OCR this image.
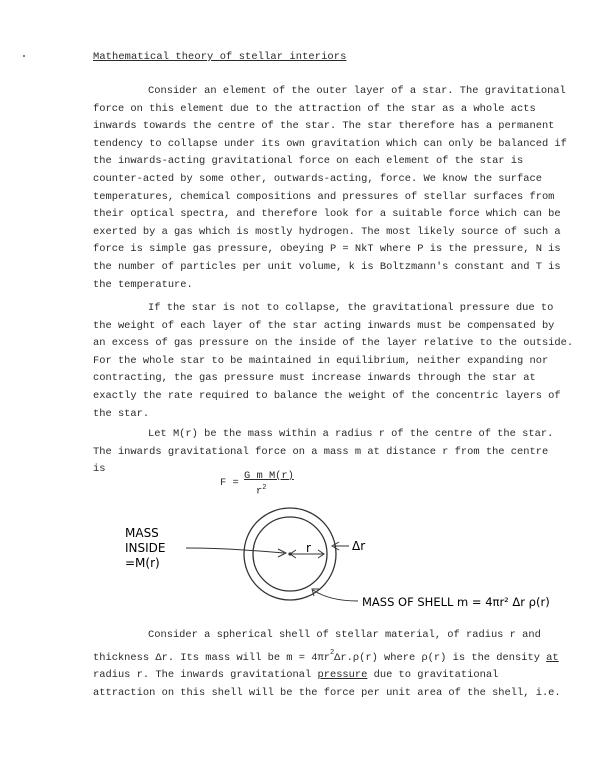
Mathematical theory of stellar interiors
Consider an element of the outer layer of a star. The gravitational
force on this element due to the attraction of the star as a whole acts
inwards towards the centre of the star. The star therefore has a permanent
tendency to collapse under its own gravitation which can only be balanced if
the inwards-acting gravitational force on each element of the star is
counter-acted by some other, outwards-acting, force. We know the surface
temperatures, chemical compositions and pressures of stellar surfaces from
their optical spectra, and therefore look for a suitable force which can be
exerted by a gas which is mostly hydrogen. The most likely source of such a
force is simple gas pressure, obeying P = NkT where P is the pressure, N is
the number of particles per unit volume, k is Boltzmann's constant and T is
the temperature.
If the star is not to collapse, the gravitational pressure due to
the weight of each layer of the star acting inwards must be compensated by
an excess of gas pressure on the inside of the layer relative to the outside.
For the whole star to be maintained in equilibrium, neither expanding nor
contracting, the gas pressure must increase inwards through the star at
exactly the rate required to balance the weight of the concentric layers of
the star.
Let M(r) be the mass within a radius r of the centre of the star.
The inwards gravitational force on a mass m at distance r from the centre
is
F =
G m M(r)
$r^2$
MASS
INSIDE
=M(r)
r	Δr
MASS OF SHELL m = 4πr² Δr ρ(r)
Consider a spherical shell of stellar material, of radius r and
thickness Δr. Its mass will be $m = 4\pi r^2\Delta r.\rho(r)$ where ρ(r) is the density at
radius r. The inwards gravitational pressure due to gravitational
attraction on this shell will be the force per unit area of the shell, i.e.
